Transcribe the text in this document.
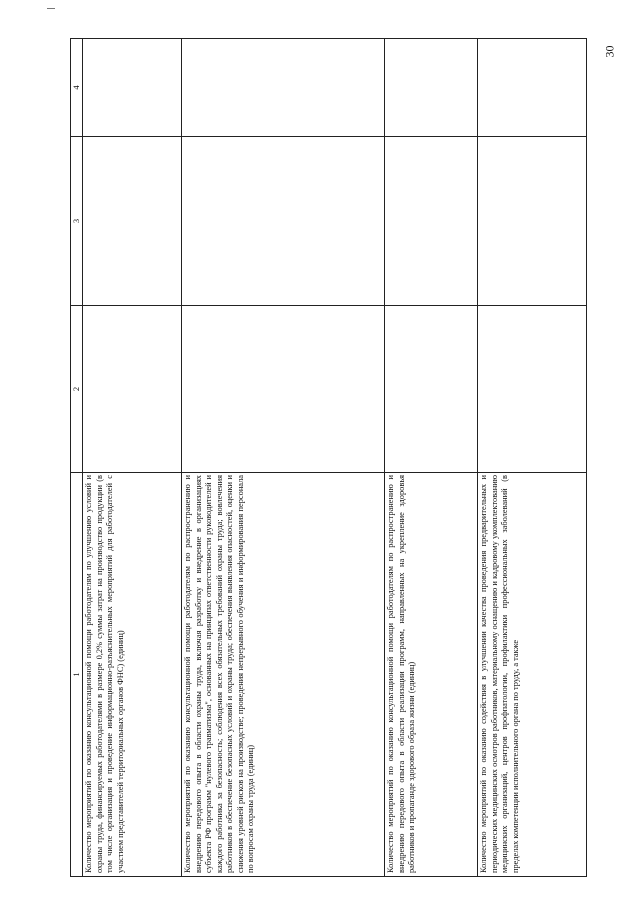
30
1	2	3	4
Количество мероприятий по оказанию консультационной помощи работодателям по улучшению условий и охраны труда, финансируемых работодателями в размере 0,2% суммы затрат на производство продукции (в том числе организация и проведение информационно-разъяснительных мероприятий для работодателей с участием представителей территориальных органов ФНС) (единиц)			
Количество мероприятий по оказанию консультационной помощи работодателям по распространению и внедрению передового опыта в области охраны труда, включая разработку и внедрение в организациях субъекта РФ программ "нулевого травматизма", основанных на принципах ответственности руководителей и каждого работника за безопасность; соблюдения всех обязательных требований охраны труда; вовлечения работников в обеспечение безопасных условий и охраны труда; обеспечения выявления опасностей, оценки и снижения уровней рисков на производстве; проведения непрерывного обучения и информирования персонала по вопросам охраны труда (единиц)			
Количество мероприятий по оказанию консультационной помощи работодателям по распространению и внедрению передового опыта в области реализации программ, направленных на укрепление здоровья работников и пропаганде здорового образа жизни (единиц)			
Количество мероприятий по оказанию содействия в улучшении качества проведения предварительных и периодических медицинских осмотров работников, материальному оснащению и кадровому укомплектованию медицинских организаций, центров профпатологии, профилактики профессиональных заболеваний (в пределах компетенции исполнительного органа по труду, а также			
